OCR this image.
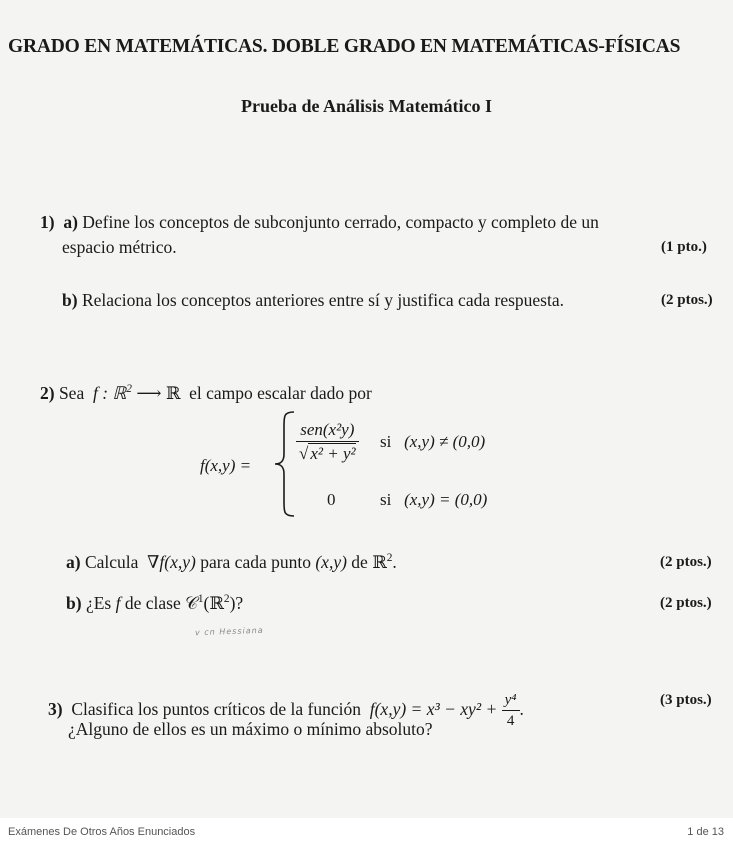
GRADO EN MATEMÁTICAS. DOBLE GRADO EN MATEMÁTICAS-FÍSICAS
Prueba de Análisis Matemático I
1) a) Define los conceptos de subconjunto cerrado, compacto y completo de un
espacio métrico.	(1 pto.)
b) Relaciona los conceptos anteriores entre sí y justifica cada respuesta.	(2 ptos.)
2) Sea f : ℝ$^2$ ⟶ ℝ el campo escalar dado por
f(x,y) =
$\frac{\text{sen(x²y)}}{\text{√ x² + y²}}$ si (x,y) ≠ (0,0)
0	si (x,y) = (0,0)
a) Calcula ∇f(x,y) para cada punto (x,y) de ℝ$^2$.	(2 ptos.)
b) ¿Es f de clase 𝒞$^1$(ℝ$^2$)?	(2 ptos.)
v cn Hessiana
3) Clasifica los puntos críticos de la función $f(x,y) = x^3 - xy^2 + \frac{\text{y⁴}}{4}$ .	(3 ptos.)
¿Alguno de ellos es un máximo o mínimo absoluto?
Exámenes De Otros Años Enunciados	1 de 13
